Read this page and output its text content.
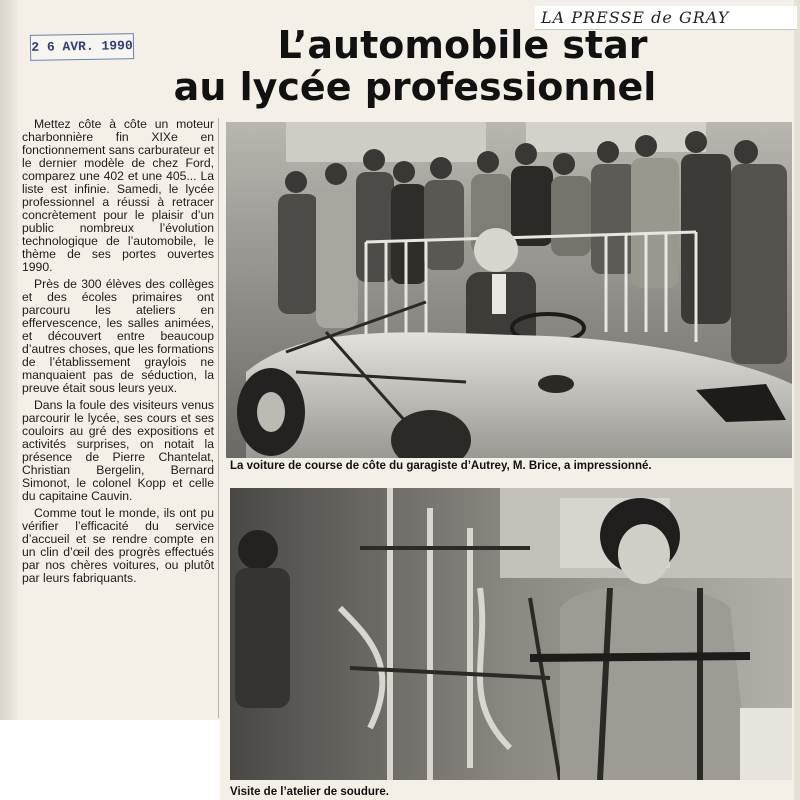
LA PRESSE de GRAY
L’automobile star
au lycée professionnel
2 6 AVR. 1990

Mettez côte à côte un moteur charbonnière fin XIXe en fonctionnement sans carburateur et le dernier modèle de chez Ford, comparez une 402 et une 405... La liste est infinie. Samedi, le lycée professionnel a réussi à retracer concrètement pour le plaisir d’un public nombreux l’évolution technologique de l’automobile, le thème de ses portes ouvertes 1990.

Près de 300 élèves des collèges et des écoles primaires ont parcouru les ateliers en effervescence, les salles animées, et découvert entre beaucoup d’autres choses, que les formations de l’établissement graylois ne manquaient pas de séduction, la preuve était sous leurs yeux.

Dans la foule des visiteurs venus parcourir le lycée, ses cours et ses couloirs au gré des expositions et activités surprises, on notait la présence de Pierre Chantelat, Christian Bergelin, Bernard Simonot, le colonel Kopp et celle du capitaine Cauvin.

Comme tout le monde, ils ont pu vérifier l’efficacité du service d’accueil et se rendre compte en un clin d’œil des progrès effectués par nos chères voitures, ou plutôt par leurs fabriquants.

La voiture de course de côte du garagiste d’Autrey, M. Brice, a impressionné.
Visite de l’atelier de soudure.
